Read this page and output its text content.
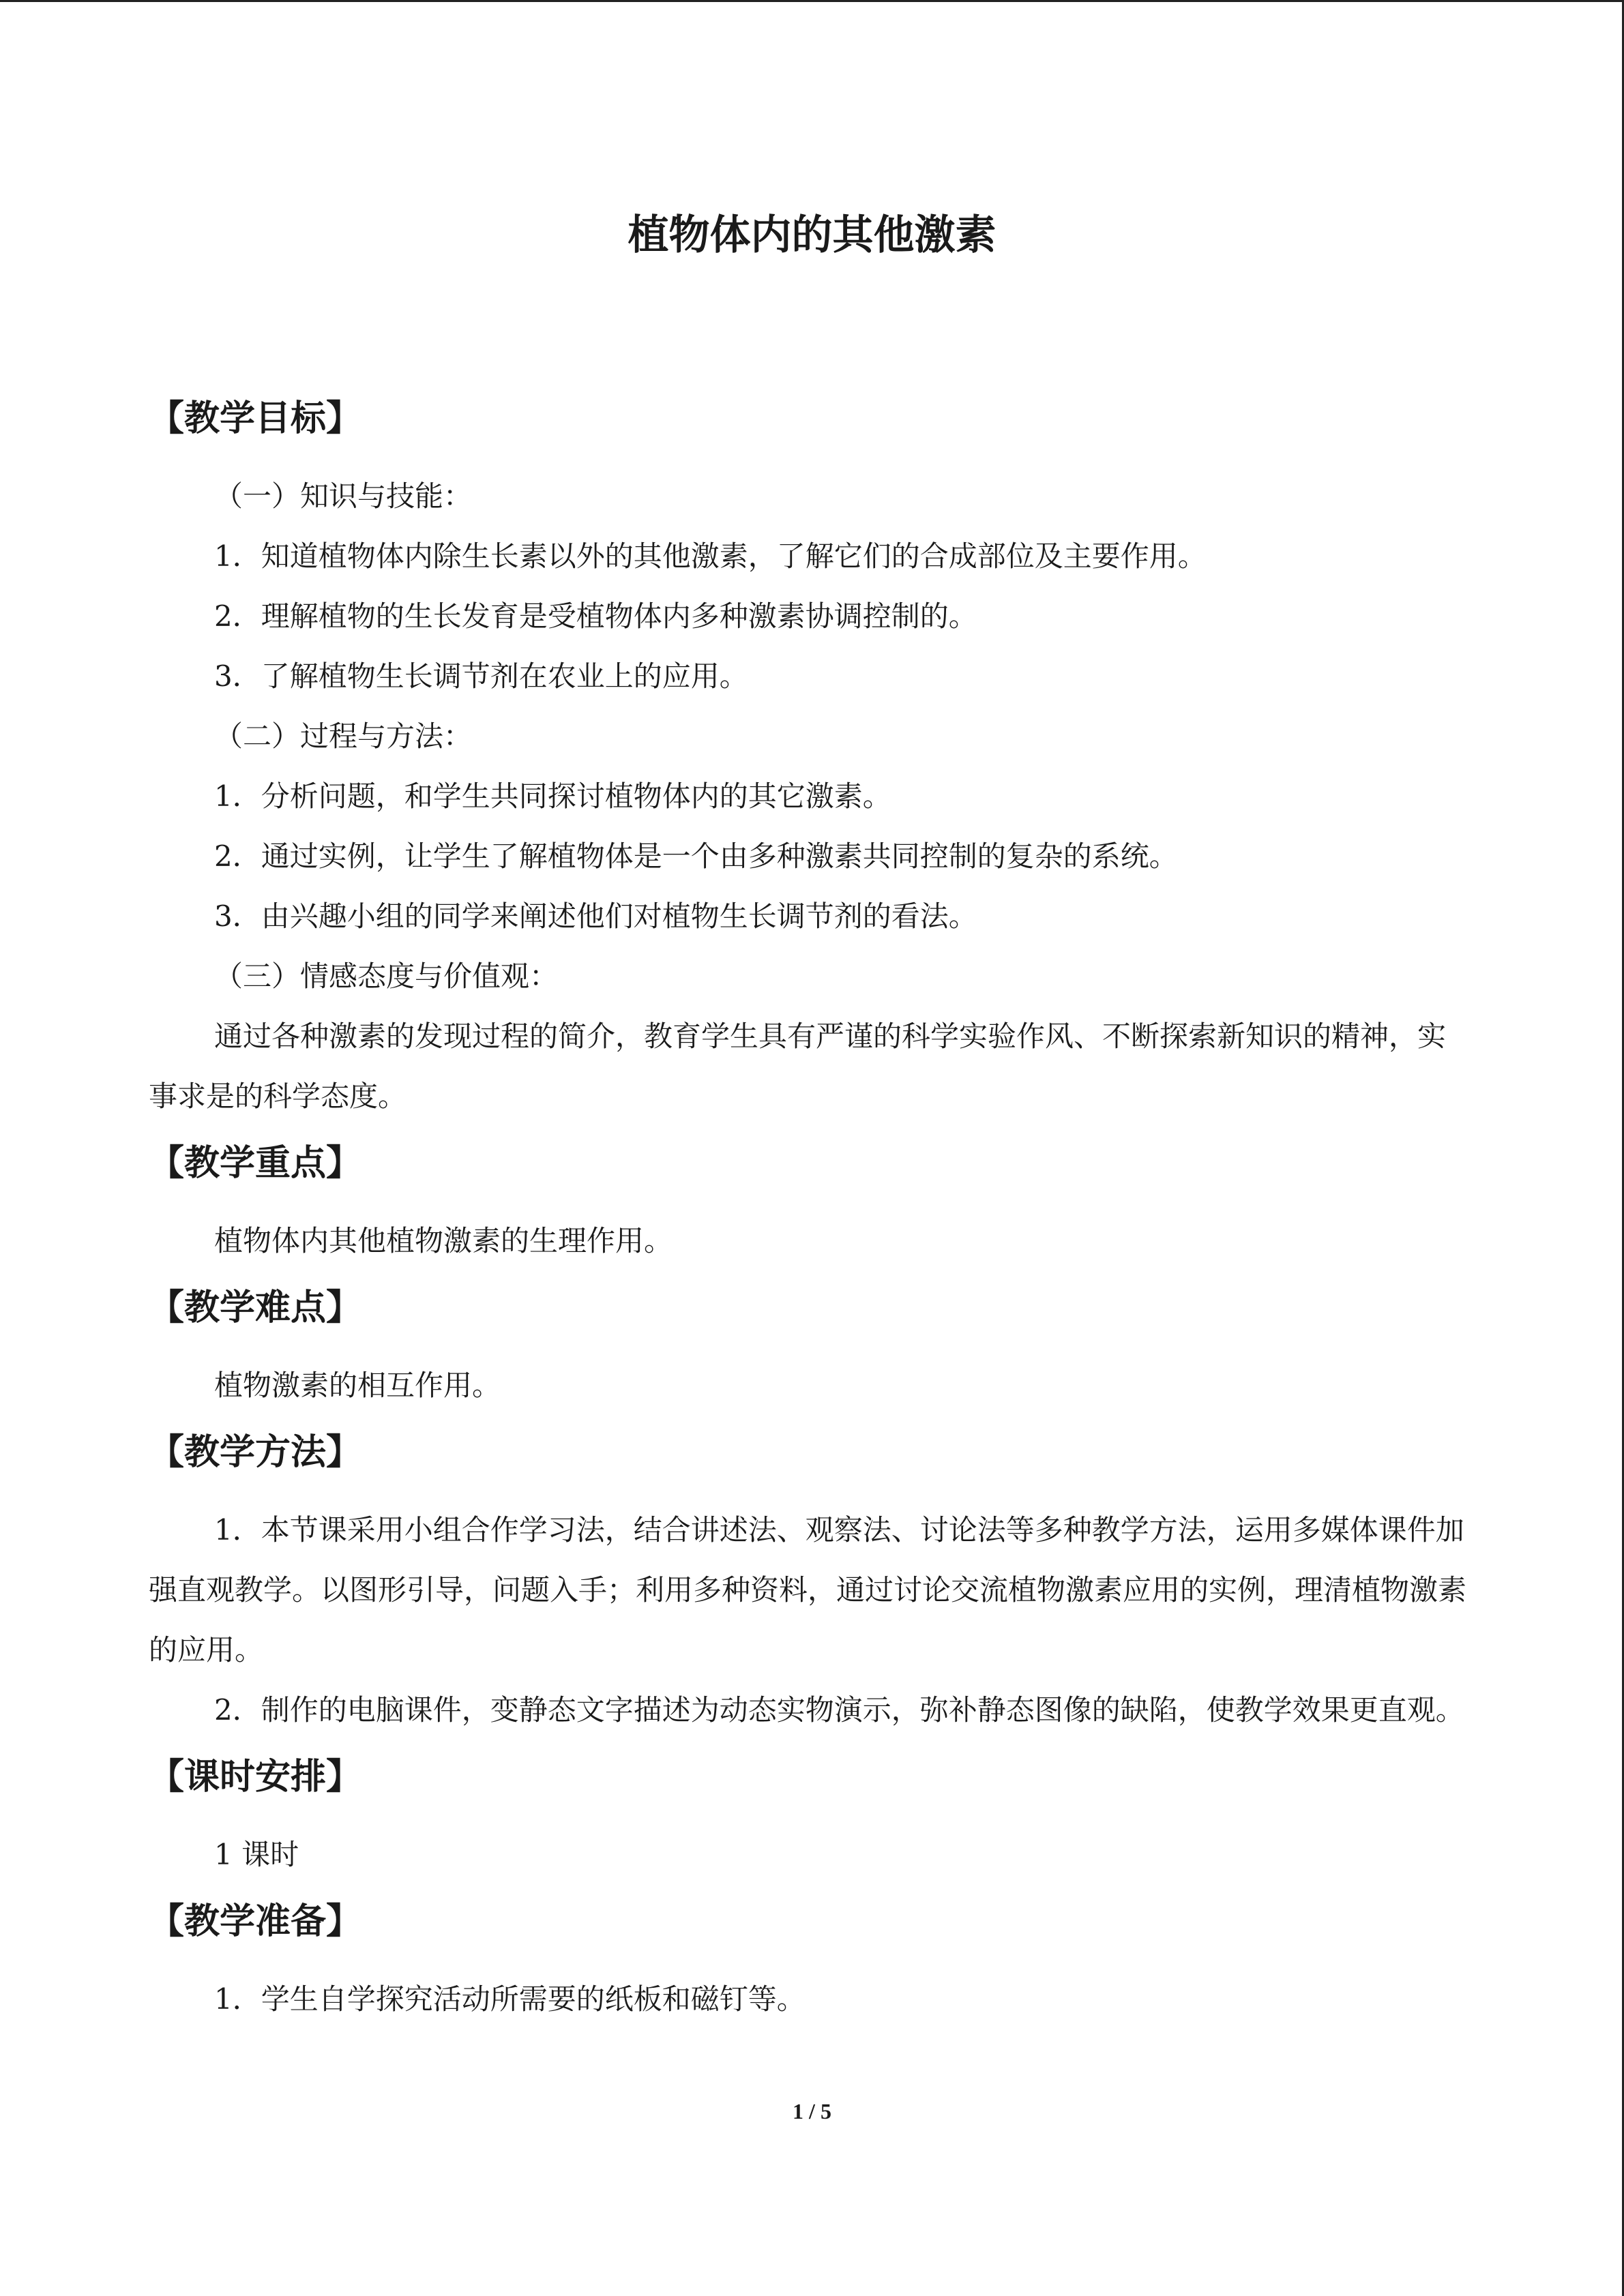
植物体内的其他激素
【教学目标】

（一）知识与技能：

1．知道植物体内除生长素以外的其他激素，了解它们的合成部位及主要作用。

2．理解植物的生长发育是受植物体内多种激素协调控制的。

3．了解植物生长调节剂在农业上的应用。

（二）过程与方法：

1．分析问题，和学生共同探讨植物体内的其它激素。

2．通过实例，让学生了解植物体是一个由多种激素共同控制的复杂的系统。

3．由兴趣小组的同学来阐述他们对植物生长调节剂的看法。

（三）情感态度与价值观：

通过各种激素的发现过程的简介，教育学生具有严谨的科学实验作风、不断探索新知识的精神，实事求是的科学态度。

【教学重点】

植物体内其他植物激素的生理作用。

【教学难点】

植物激素的相互作用。

【教学方法】

1．本节课采用小组合作学习法，结合讲述法、观察法、讨论法等多种教学方法，运用多媒体课件加强直观教学。以图形引导，问题入手；利用多种资料，通过讨论交流植物激素应用的实例，理清植物激素的应用。

2．制作的电脑课件，变静态文字描述为动态实物演示，弥补静态图像的缺陷，使教学效果更直观。

【课时安排】

1 课时

【教学准备】

1．学生自学探究活动所需要的纸板和磁钉等。

1 / 5
